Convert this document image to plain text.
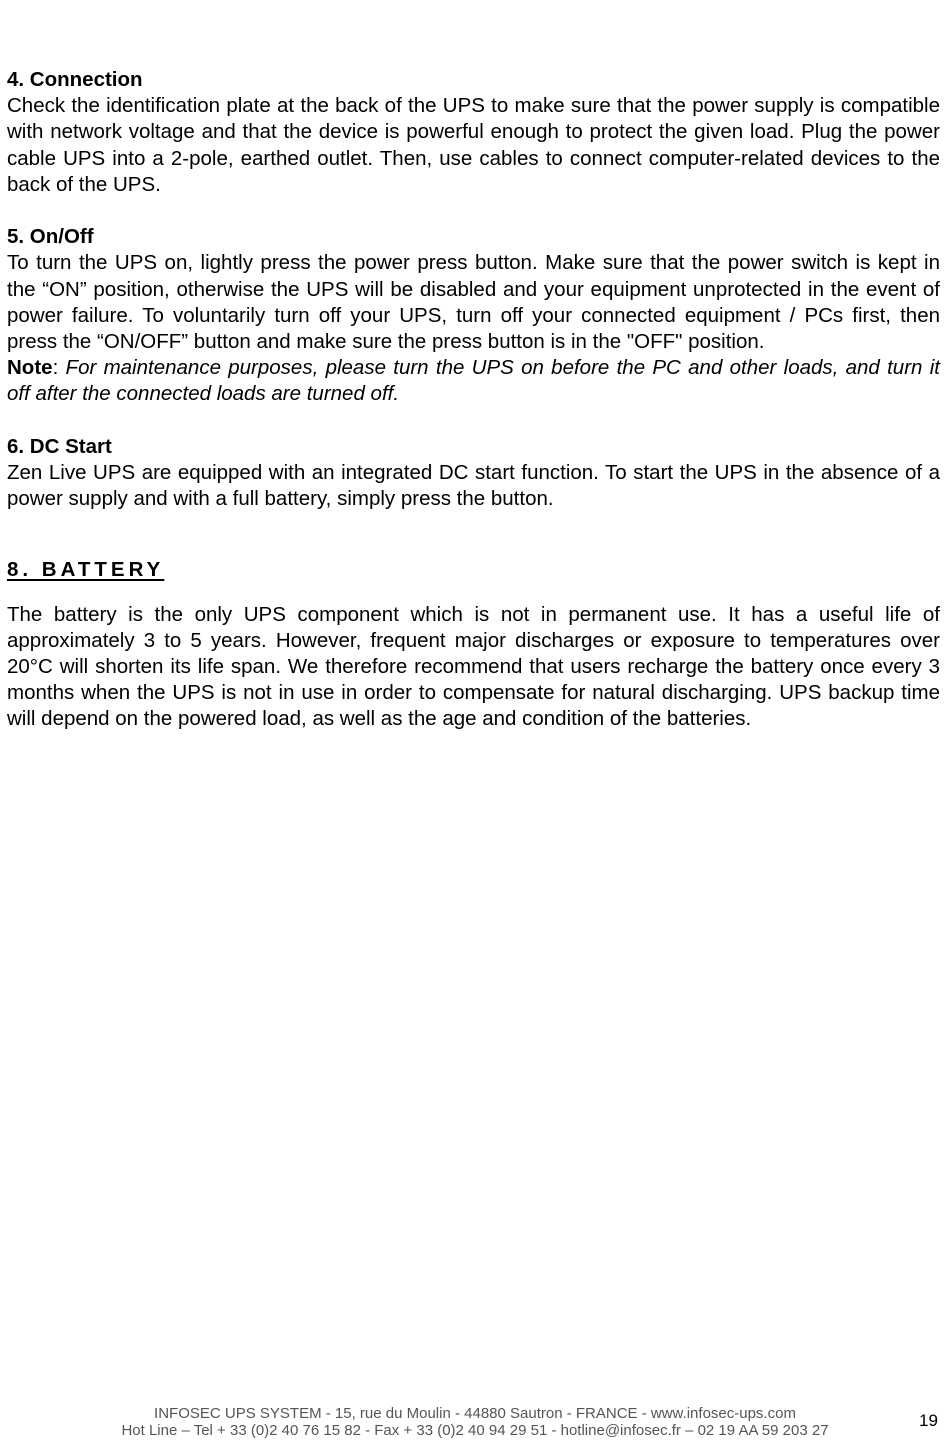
4. Connection

Check the identification plate at the back of the UPS to make sure that the power supply is compatible with network voltage and that the device is powerful enough to protect the given load. Plug the power cable UPS into a 2-pole, earthed outlet. Then, use cables to connect computer-related devices to the back of the UPS.

5. On/Off

To turn the UPS on, lightly press the power press button. Make sure that the power switch is kept in the “ON” position, otherwise the UPS will be disabled and your equipment unprotected in the event of power failure. To voluntarily turn off your UPS, turn off your connected equipment / PCs first, then press the “ON/OFF” button and make sure the press button is in the "OFF" position.

Note: For maintenance purposes, please turn the UPS on before the PC and other loads, and turn it off after the connected loads are turned off.

6. DC Start

Zen Live UPS are equipped with an integrated DC start function. To start the UPS in the absence of a power supply and with a full battery, simply press the button.

8. BATTERY

The battery is the only UPS component which is not in permanent use. It has a useful life of approximately 3 to 5 years. However, frequent major discharges or exposure to temperatures over 20°C will shorten its life span. We therefore recommend that users recharge the battery once every 3 months when the UPS is not in use in order to compensate for natural discharging. UPS backup time will depend on the powered load, as well as the age and condition of the batteries.

INFOSEC UPS SYSTEM - 15, rue du Moulin - 44880 Sautron - FRANCE - www.infosec-ups.com
Hot Line – Tel + 33 (0)2 40 76 15 82 - Fax + 33 (0)2 40 94 29 51 - hotline@infosec.fr – 02 19 AA 59 203 27
19
